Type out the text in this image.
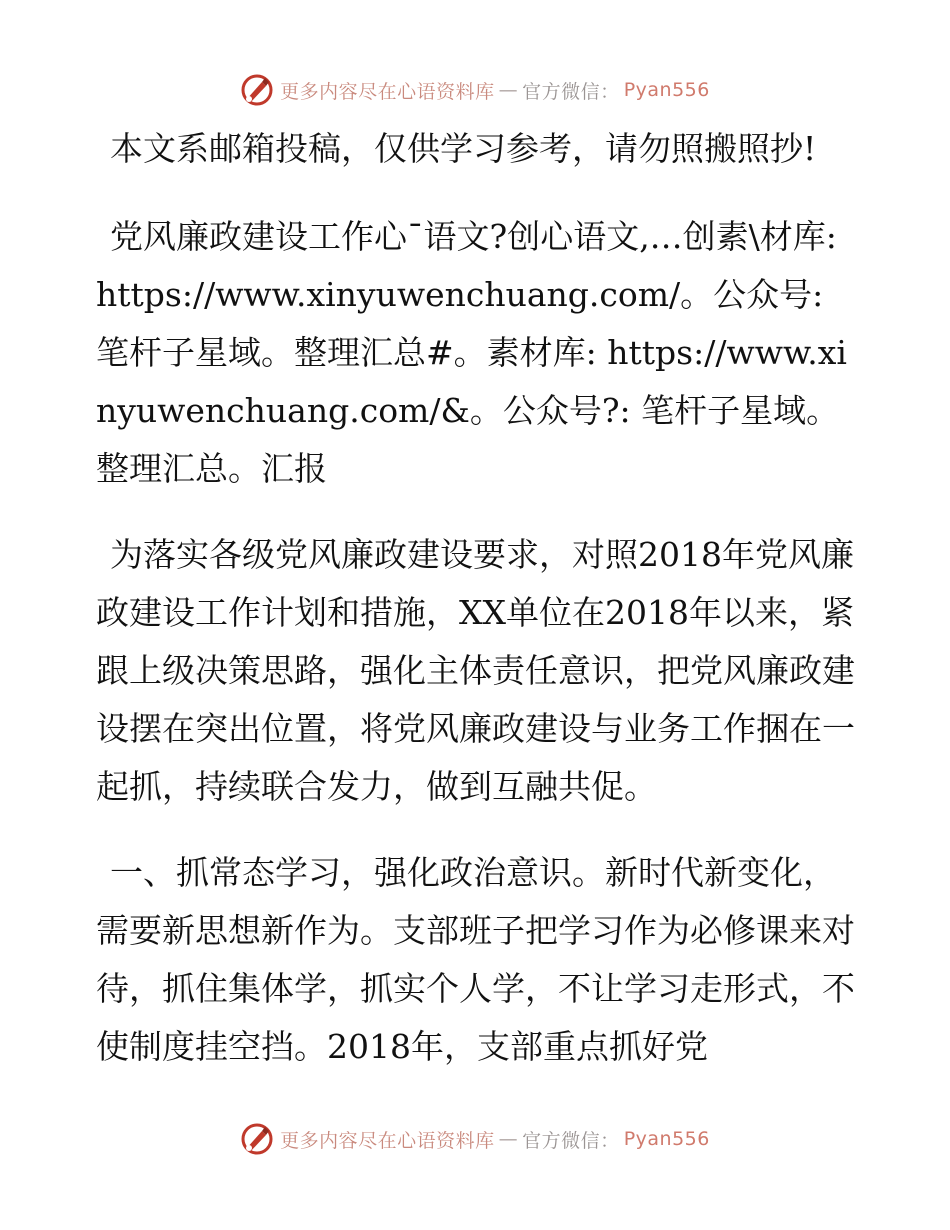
更多内容尽在心语资料库 — 官方微信： Pyan556

本文系邮箱投稿，仅供学习参考，请勿照搬照抄!

党风廉政建设工作心¯语文?创心语文,…创素\材库: https://www.xinyuwenchuang.com/。公众号: 笔杆子星域。整理汇总#。素材库: https://www.xinyuwenchuang.com/&。公众号?: 笔杆子星域。整理汇总。汇报

为落实各级党风廉政建设要求，对照2018年党风廉政建设工作计划和措施，XX单位在2018年以来，紧跟上级决策思路，强化主体责任意识，把党风廉政建设摆在突出位置，将党风廉政建设与业务工作捆在一起抓，持续联合发力，做到互融共促。

一、抓常态学习，强化政治意识。新时代新变化，需要新思想新作为。支部班子把学习作为必修课来对待，抓住集体学，抓实个人学，不让学习走形式，不使制度挂空挡。2018年，支部重点抓好党

更多内容尽在心语资料库 — 官方微信： Pyan556
